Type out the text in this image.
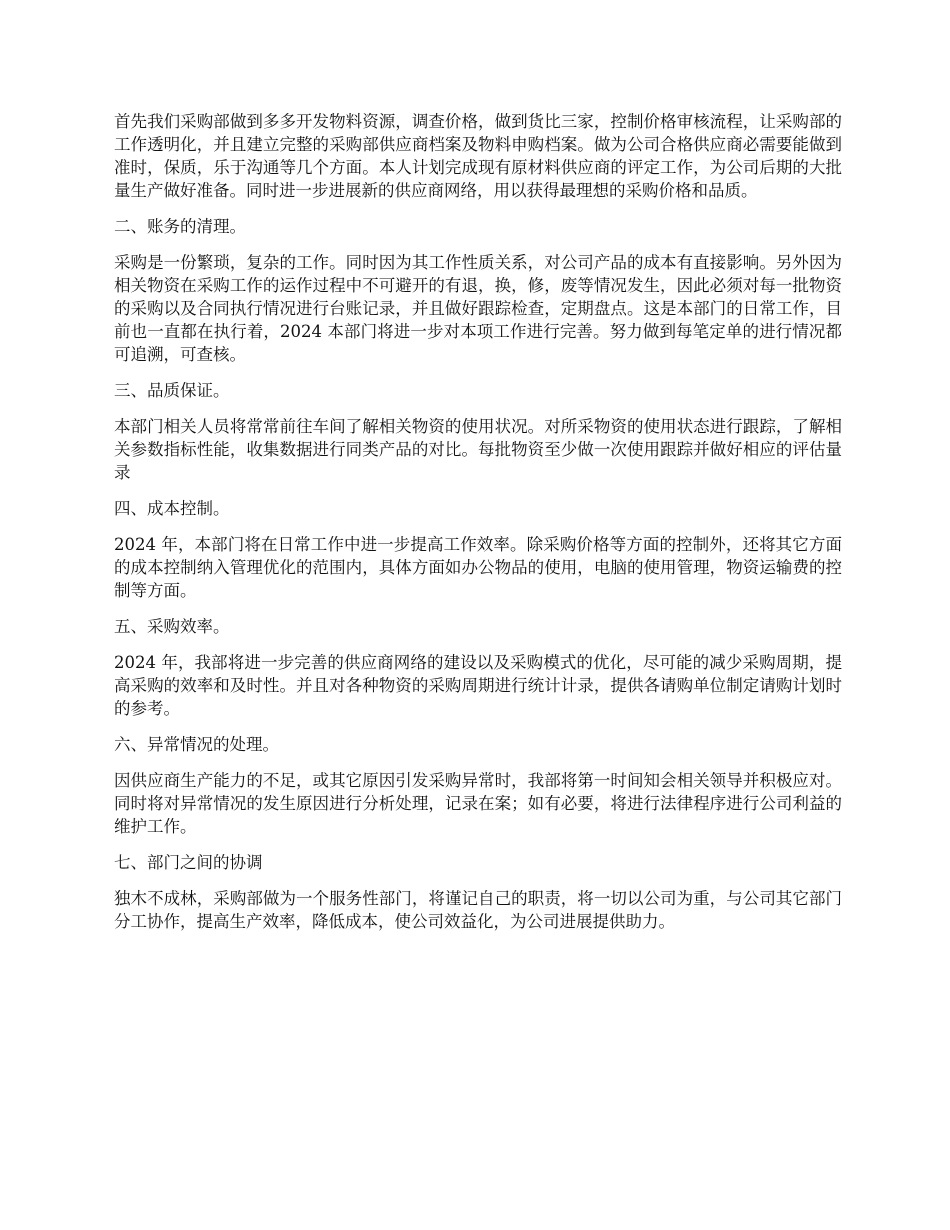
首先我们采购部做到多多开发物料资源，调查价格，做到货比三家，控制价格审核流程，让采购部的工作透明化，并且建立完整的采购部供应商档案及物料申购档案。做为公司合格供应商必需要能做到准时，保质，乐于沟通等几个方面。本人计划完成现有原材料供应商的评定工作，为公司后期的大批量生产做好准备。同时进一步进展新的供应商网络，用以获得最理想的采购价格和品质。

二、账务的清理。

采购是一份繁琐，复杂的工作。同时因为其工作性质关系，对公司产品的成本有直接影响。另外因为相关物资在采购工作的运作过程中不可避开的有退，换，修，废等情况发生，因此必须对每一批物资的采购以及合同执行情况进行台账记录，并且做好跟踪检查，定期盘点。这是本部门的日常工作，目前也一直都在执行着，2024 本部门将进一步对本项工作进行完善。努力做到每笔定单的进行情况都可追溯，可查核。

三、品质保证。

本部门相关人员将常常前往车间了解相关物资的使用状况。对所采物资的使用状态进行跟踪，了解相关参数指标性能，收集数据进行同类产品的对比。每批物资至少做一次使用跟踪并做好相应的评估量录

四、成本控制。

2024 年，本部门将在日常工作中进一步提高工作效率。除采购价格等方面的控制外，还将其它方面的成本控制纳入管理优化的范围内，具体方面如办公物品的使用，电脑的使用管理，物资运输费的控制等方面。

五、采购效率。

2024 年，我部将进一步完善的供应商网络的建设以及采购模式的优化，尽可能的减少采购周期，提高采购的效率和及时性。并且对各种物资的采购周期进行统计计录，提供各请购单位制定请购计划时的参考。

六、异常情况的处理。

因供应商生产能力的不足，或其它原因引发采购异常时，我部将第一时间知会相关领导并积极应对。同时将对异常情况的发生原因进行分析处理，记录在案；如有必要，将进行法律程序进行公司利益的维护工作。

七、部门之间的协调

独木不成林，采购部做为一个服务性部门，将谨记自己的职责，将一切以公司为重，与公司其它部门分工协作，提高生产效率，降低成本，使公司效益化，为公司进展提供助力。
